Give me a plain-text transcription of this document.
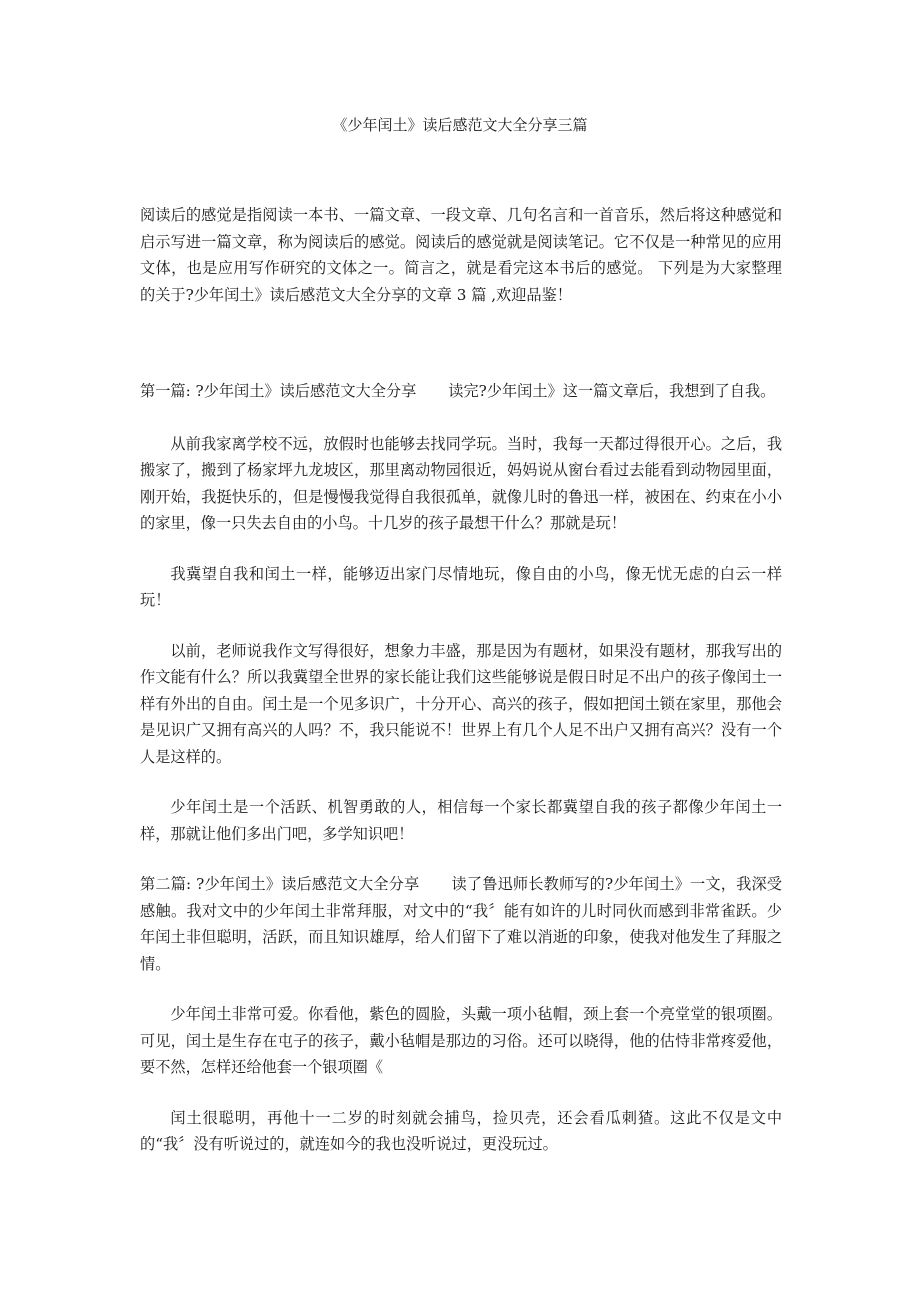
《少年闰土》读后感范文大全分享三篇

阅读后的感觉是指阅读一本书、一篇文章、一段文章、几句名言和一首音乐，然后将这种感觉和启示写进一篇文章，称为阅读后的感觉。阅读后的感觉就是阅读笔记。它不仅是一种常见的应用文体，也是应用写作研究的文体之一。简言之，就是看完这本书后的感觉。 下列是为大家整理的关于?少年闰土》读后感范文大全分享的文章 3 篇 ,欢迎品鉴！

第一篇: ?少年闰土》读后感范文大全分享 读完?少年闰土》这一篇文章后，我想到了自我。

从前我家离学校不远，放假时也能够去找同学玩。当时，我每一天都过得很开心。之后，我搬家了，搬到了杨家坪九龙坡区，那里离动物园很近，妈妈说从窗台看过去能看到动物园里面，刚开始，我挺快乐的，但是慢慢我觉得自我很孤单，就像儿时的鲁迅一样，被困在、约束在小小的家里，像一只失去自由的小鸟。十几岁的孩子最想干什么？那就是玩！

我冀望自我和闰土一样，能够迈出家门尽情地玩，像自由的小鸟，像无忧无虑的白云一样玩！

以前，老师说我作文写得很好，想象力丰盛，那是因为有题材，如果没有题材，那我写出的作文能有什么？所以我冀望全世界的家长能让我们这些能够说是假日时足不出户的孩子像闰土一样有外出的自由。闰土是一个见多识广，十分开心、高兴的孩子，假如把闰土锁在家里，那他会是见识广又拥有高兴的人吗？不，我只能说不！世界上有几个人足不出户又拥有高兴？没有一个人是这样的。

少年闰土是一个活跃、机智勇敢的人，相信每一个家长都冀望自我的孩子都像少年闰土一样，那就让他们多出门吧，多学知识吧！

第二篇: ?少年闰土》读后感范文大全分享 读了鲁迅师长教师写的?少年闰土》一文，我深受感触。我对文中的少年闰土非常拜服，对文中的“我〞能有如许的儿时同伙而感到非常雀跃。少年闰土非但聪明，活跃，而且知识雄厚，给人们留下了难以消逝的印象，使我对他发生了拜服之情。

少年闰土非常可爱。你看他，紫色的圆脸，头戴一项小毡帽，颈上套一个亮堂堂的银项圈。可见，闰土是生存在屯子的孩子，戴小毡帽是那边的习俗。还可以晓得，他的估恃非常疼爱他，要不然，怎样还给他套一个银项圈《

闰土很聪明，再他十一二岁的时刻就会捕鸟，捡贝壳，还会看瓜刺猹。这此不仅是文中的“我〞没有听说过的，就连如今的我也没听说过，更没玩过。
